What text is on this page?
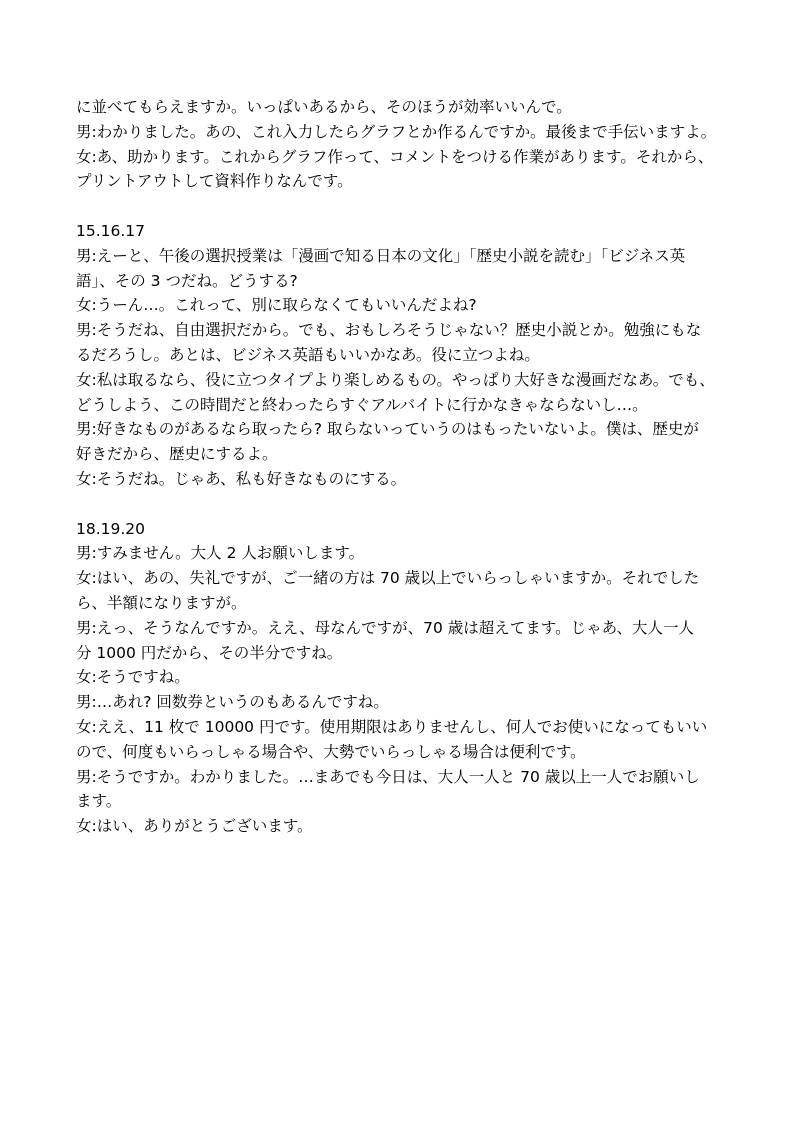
に並べてもらえますか。いっぱいあるから、そのほうが効率いいんで。
男:わかりました。あの、これ入力したらグラフとか作るんですか。最後まで手伝いますよ。
女:あ、助かります。これからグラフ作って、コメントをつける作業があります。それから、
プリントアウトして資料作りなんです。
15.16.17
男:えーと、午後の選択授業は「漫画で知る日本の文化」「歴史小説を読む」「ビジネス英
語」、その 3 つだね。どうする?
女:うーん…。これって、別に取らなくてもいいんだよね?
男:そうだね、自由選択だから。でも、おもしろそうじゃない？歴史小説とか。勉強にもな
るだろうし。あとは、ビジネス英語もいいかなあ。役に立つよね。
女:私は取るなら、役に立つタイプより楽しめるもの。やっぱり大好きな漫画だなあ。でも、
どうしよう、この時間だと終わったらすぐアルバイトに行かなきゃならないし…。
男:好きなものがあるなら取ったら? 取らないっていうのはもったいないよ。僕は、歴史が
好きだから、歴史にするよ。
女:そうだね。じゃあ、私も好きなものにする。
18.19.20
男:すみません。大人 2 人お願いします。
女:はい、あの、失礼ですが、ご一緒の方は 70 歳以上でいらっしゃいますか。それでした
ら、半額になりますが。
男:えっ、そうなんですか。ええ、母なんですが、70 歳は超えてます。じゃあ、大人一人
分 1000 円だから、その半分ですね。
女:そうですね。
男:…あれ? 回数券というのもあるんですね。
女:ええ、11 枚で 10000 円です。使用期限はありませんし、何人でお使いになってもいい
ので、何度もいらっしゃる場合や、大勢でいらっしゃる場合は便利です。
男:そうですか。わかりました。…まあでも今日は、大人一人と 70 歳以上一人でお願いし
ます。
女:はい、ありがとうございます。
